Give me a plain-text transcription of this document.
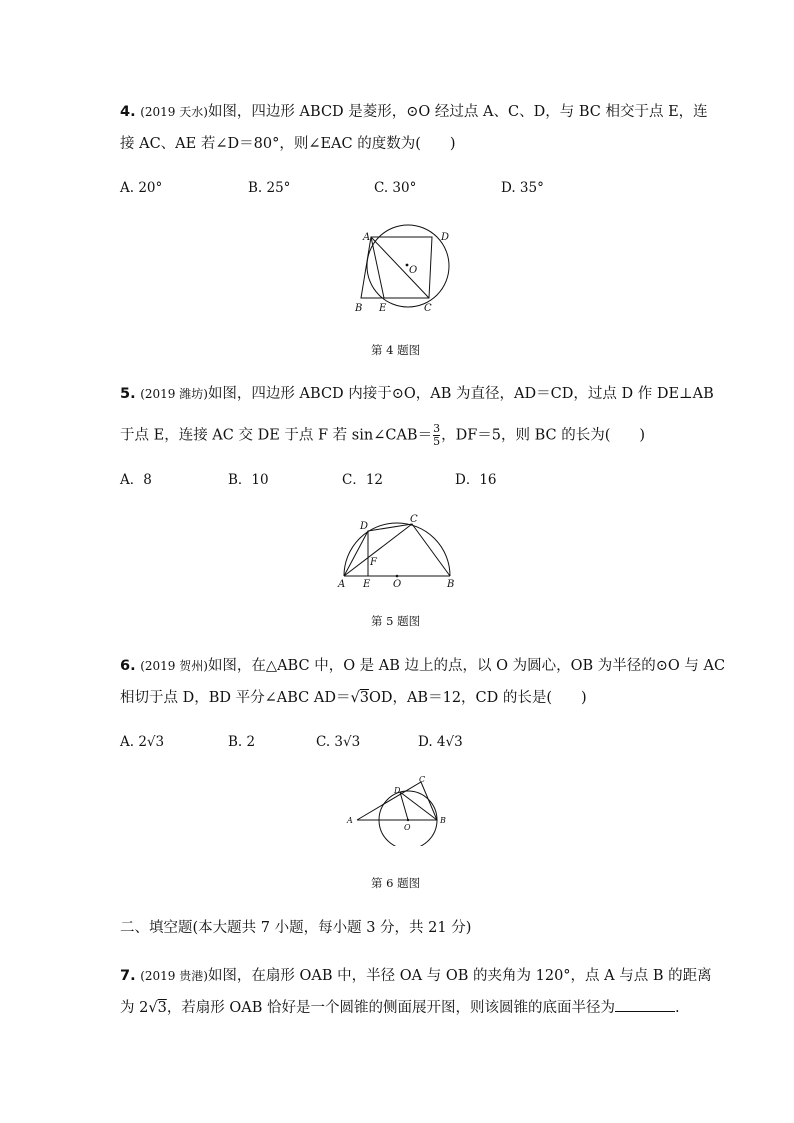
4. (2019 天水)如图，四边形 ABCD 是菱形，⊙O 经过点 A、C、D，与 BC 相交于点 E，连
接 AC、AE 若∠D＝80°，则∠EAC 的度数为(　　)
A. 20°	B. 25°	C. 30°	D. 35°
A	D
O
B E	C
第 4 题图
5. (2019 潍坊)如图，四边形 ABCD 内接于⊙O，AB 为直径，AD＝CD，过点 D 作 DE⊥AB
于点 E，连接 AC 交 DE 于点 F 若 sin∠CAB＝ $\frac{3}{5}$ ，DF＝5，则 BC 的长为(　　)
A．8	B．10	C．12	D．16
D
C
F
A E O	B
第 5 题图
6. (2019 贺州)如图，在△ABC 中，O 是 AB 边上的点，以 O 为圆心，OB 为半径的⊙O 与 AC
相切于点 D，BD 平分∠ABC AD＝√3OD，AB＝12，CD 的长是(　　)
A. 2√3	B. 2	C. 3√3	D. 4√3
C
D
A
O
B
第 6 题图
二、填空题(本大题共 7 小题，每小题 3 分，共 21 分)
7. (2019 贵港)如图，在扇形 OAB 中，半径 OA 与 OB 的夹角为 120°，点 A 与点 B 的距离
为 2√3，若扇形 OAB 恰好是一个圆锥的侧面展开图，则该圆锥的底面半径为	.
